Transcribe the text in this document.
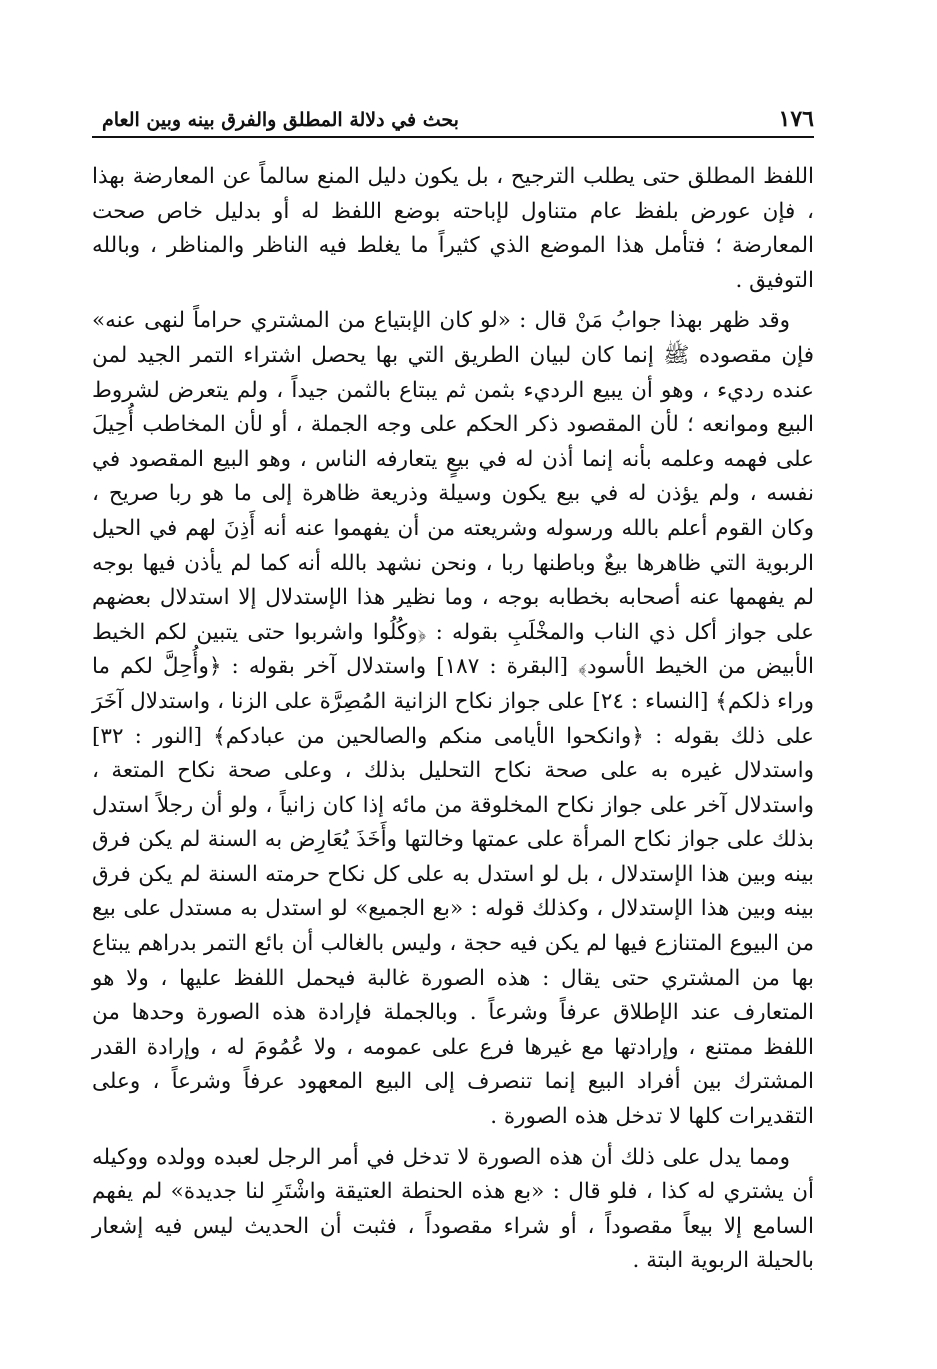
١٧٦
بحث في دلالة المطلق والفرق بينه وبين العام

اللفظ المطلق حتى يطلب الترجيح ، بل يكون دليل المنع سالماً عن المعارضة بهذا ، فإن عورض بلفظ عام متناول لإباحته بوضع اللفظ له أو بدليل خاص صحت المعارضة ؛ فتأمل هذا الموضع الذي كثيراً ما يغلط فيه الناظر والمناظر ، وبالله التوفيق .

وقد ظهر بهذا جوابُ مَنْ قال : «لو كان الإبتياع من المشتري حراماً لنهى عنه» فإن مقصوده ﷺ إنما كان لبيان الطريق التي بها يحصل اشتراء التمر الجيد لمن عنده رديء ، وهو أن يبيع الرديء بثمن ثم يبتاع بالثمن جيداً ، ولم يتعرض لشروط البيع وموانعه ؛ لأن المقصود ذكر الحكم على وجه الجملة ، أو لأن المخاطب أُحِيلَ على فهمه وعلمه بأنه إنما أذن له في بيعٍ يتعارفه الناس ، وهو البيع المقصود في نفسه ، ولم يؤذن له في بيع يكون وسيلة وذريعة ظاهرة إلى ما هو ربا صريح ، وكان القوم أعلم بالله ورسوله وشريعته من أن يفهموا عنه أنه أَذِنَ لهم في الحيل الربوية التي ظاهرها بيعٌ وباطنها ربا ، ونحن نشهد بالله أنه كما لم يأذن فيها بوجه لم يفهمها عنه أصحابه بخطابه بوجه ، وما نظير هذا الإستدلال إلا استدلال بعضهم على جواز أكل ذي الناب والمخْلَبِ بقوله : ﴿وكُلُوا واشربوا حتى يتبين لكم الخيط الأبيض من الخيط الأسود﴾ [البقرة : ١٨٧] واستدلال آخر بقوله : ﴿وأُحِلَّ لكم ما وراء ذلكم﴾ [النساء : ٢٤] على جواز نكاح الزانية المُصِرَّة على الزنا ، واستدلال آخَرَ على ذلك بقوله : ﴿وانكحوا الأيامى منكم والصالحين من عبادكم﴾ [النور : ٣٢] واستدلال غيره به على صحة نكاح التحليل بذلك ، وعلى صحة نكاح المتعة ، واستدلال آخر على جواز نكاح المخلوقة من مائه إذا كان زانياً ، ولو أن رجلاً استدل بذلك على جواز نكاح المرأة على عمتها وخالتها وأَخَذَ يُعَارِض به السنة لم يكن فرق بينه وبين هذا الإستدلال ، بل لو استدل به على كل نكاح حرمته السنة لم يكن فرق بينه وبين هذا الإستدلال ، وكذلك قوله : «بع الجميع» لو استدل به مستدل على بيع من البيوع المتنازع فيها لم يكن فيه حجة ، وليس بالغالب أن بائع التمر بدراهم يبتاع بها من المشتري حتى يقال : هذه الصورة غالبة فيحمل اللفظ عليها ، ولا هو المتعارف عند الإطلاق عرفاً وشرعاً . وبالجملة فإرادة هذه الصورة وحدها من اللفظ ممتنع ، وإرادتها مع غيرها فرع على عمومه ، ولا عُمُومَ له ، وإرادة القدر المشترك بين أفراد البيع إنما تنصرف إلى البيع المعهود عرفاً وشرعاً ، وعلى التقديرات كلها لا تدخل هذه الصورة .

ومما يدل على ذلك أن هذه الصورة لا تدخل في أمر الرجل لعبده وولده ووكيله أن يشتري له كذا ، فلو قال : «بع هذه الحنطة العتيقة واشْتَرِ لنا جديدة» لم يفهم السامع إلا بيعاً مقصوداً ، أو شراء مقصوداً ، فثبت أن الحديث ليس فيه إشعار بالحيلة الربوية البتة .
